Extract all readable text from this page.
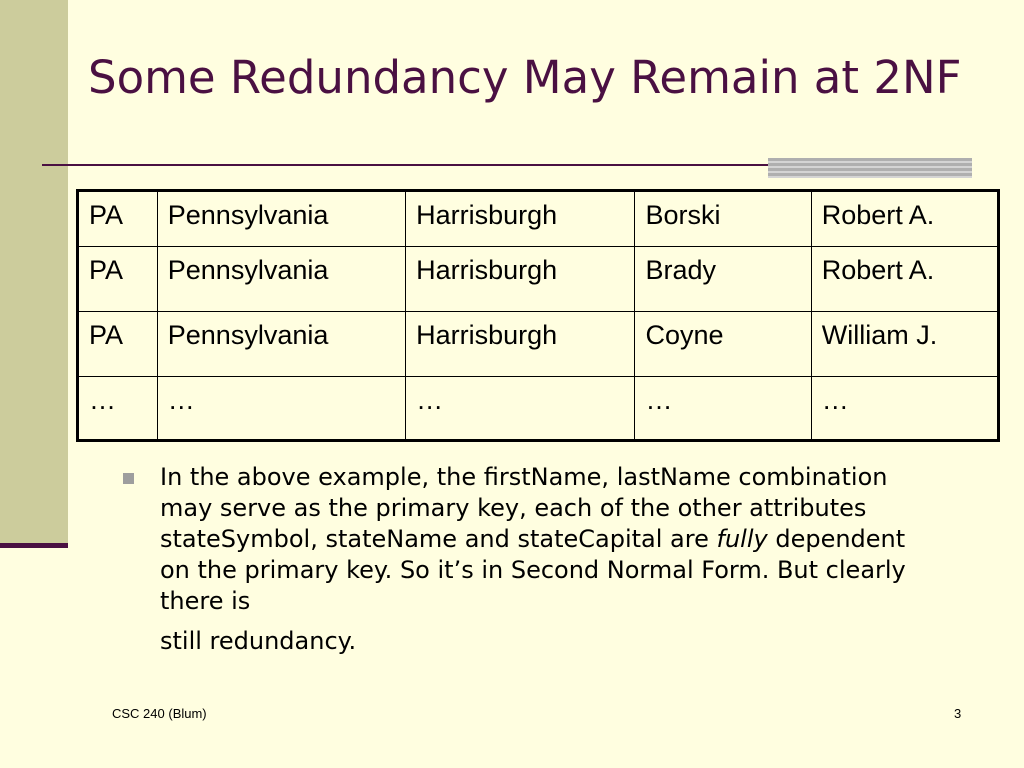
Some Redundancy May Remain at 2NF
PA	Pennsylvania	Harrisburgh	Borski	Robert A.
PA	Pennsylvania	Harrisburgh	Brady	Robert A.
PA	Pennsylvania	Harrisburgh	Coyne	William J.
…	…	…	…	…
In the above example, the firstName, lastName combination may serve as the primary key, each of the other attributes stateSymbol, stateName and stateCapital are fully dependent on the primary key. So it’s in Second Normal Form. But clearly there is
still redundancy.
CSC 240 (Blum)	3
